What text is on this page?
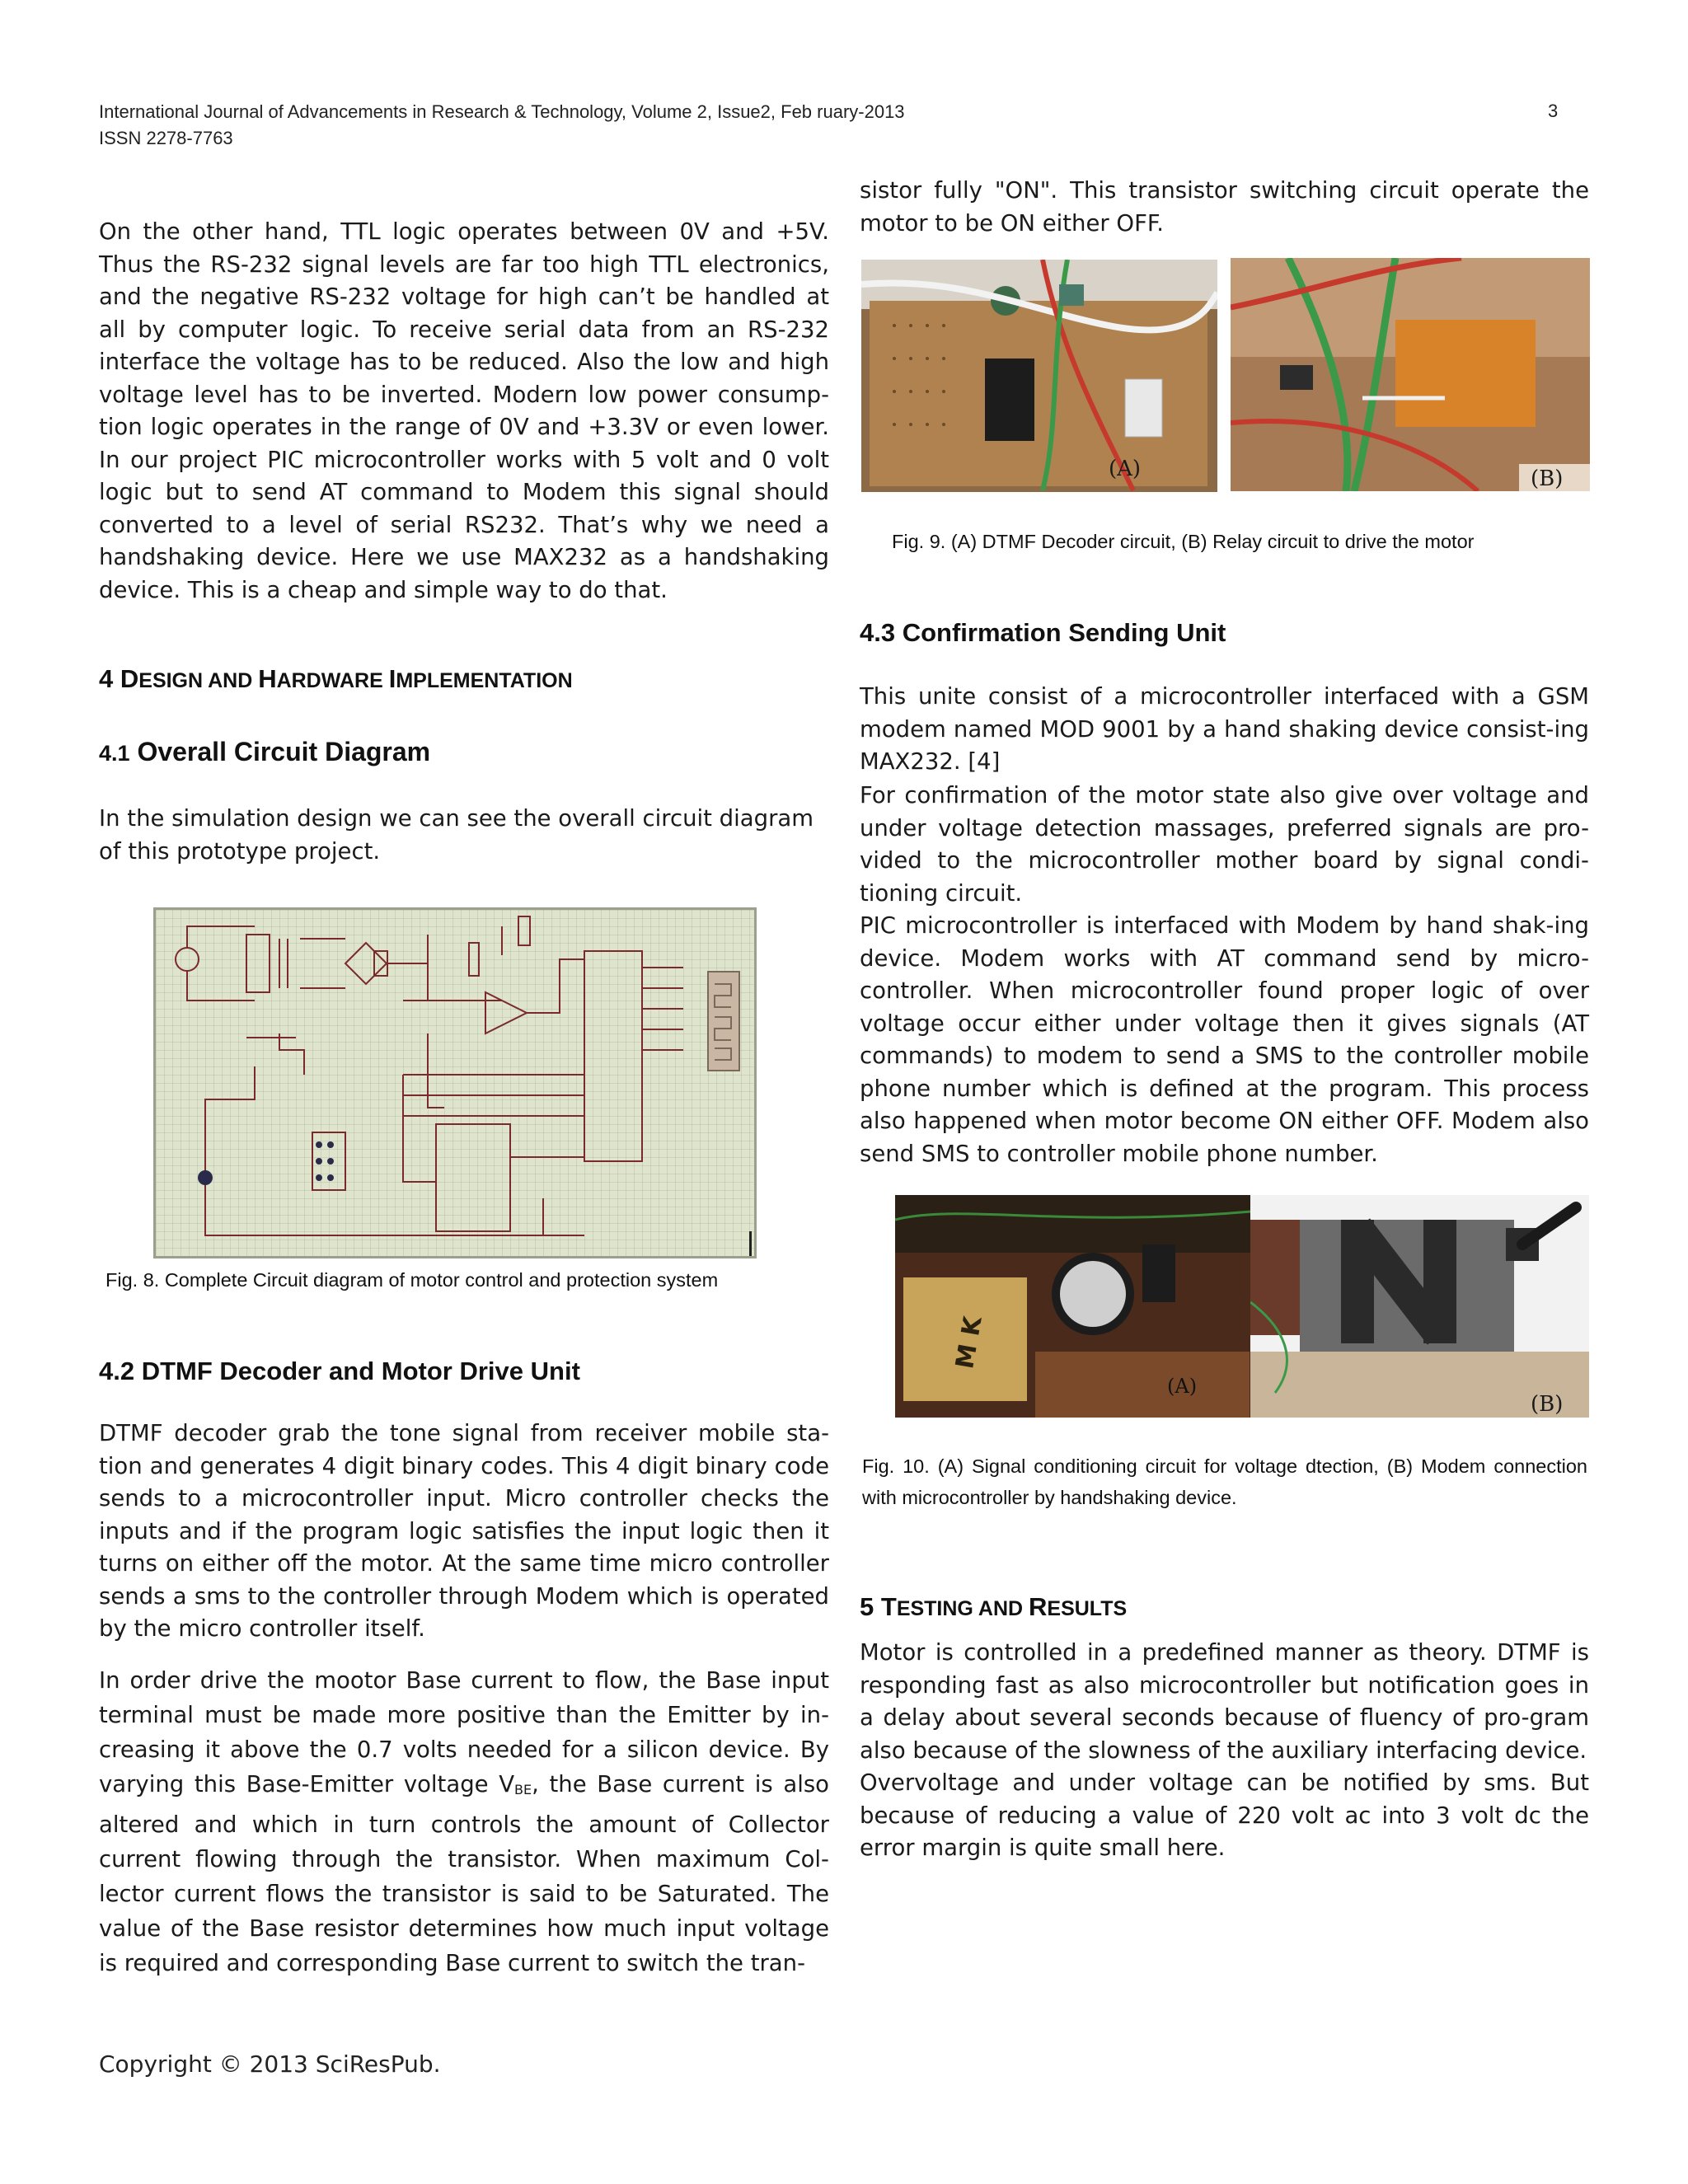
International Journal of Advancements in Research & Technology, Volume 2, Issue2, Feb ruary-2013
ISSN 2278-7763
3

On the other hand, TTL logic operates between 0V and +5V. Thus the RS-232 signal levels are far too high TTL electronics, and the negative RS-232 voltage for high can’t be handled at all by computer logic. To receive serial data from an RS-232 interface the voltage has to be reduced. Also the low and high voltage level has to be inverted. Modern low power consump-tion logic operates in the range of 0V and +3.3V or even lower. In our project PIC microcontroller works with 5 volt and 0 volt logic but to send AT command to Modem this signal should converted to a level of serial RS232. That’s why we need a handshaking device. Here we use MAX232 as a handshaking device. This is a cheap and simple way to do that.

4 DESIGN AND HARDWARE IMPLEMENTATION
4.1 Overall Circuit Diagram

In the simulation design we can see the overall circuit diagram of this prototype project.

Fig. 8. Complete Circuit diagram of motor control and protection system

4.2 DTMF Decoder and Motor Drive Unit

DTMF decoder grab the tone signal from receiver mobile sta-tion and generates 4 digit binary codes. This 4 digit binary code sends to a microcontroller input. Micro controller checks the inputs and if the program logic satisfies the input logic then it turns on either off the motor. At the same time micro controller sends a sms to the controller through Modem which is operated by the micro controller itself.

In order drive the mootor Base current to flow, the Base input terminal must be made more positive than the Emitter by in-creasing it above the 0.7 volts needed for a silicon device. By varying this Base-Emitter voltage $V_{BE}$, the Base current is also altered and which in turn controls the amount of Collector current flowing through the transistor. When maximum Col-lector current flows the transistor is said to be Saturated. The value of the Base resistor determines how much input voltage is required and corresponding Base current to switch the tran-

sistor fully "ON". This transistor switching circuit operate the motor to be ON either OFF.

(A)	(B)

Fig. 9. (A) DTMF Decoder circuit, (B) Relay circuit to drive the motor

4.3 Confirmation Sending Unit

This unite consist of a microcontroller interfaced with a GSM modem named MOD 9001 by a hand shaking device consist-ing MAX232. [4]

For confirmation of the motor state also give over voltage and under voltage detection massages, preferred signals are pro-vided to the microcontroller mother board by signal condi-tioning circuit.

PIC microcontroller is interfaced with Modem by hand shak-ing device. Modem works with AT command send by micro-controller. When microcontroller found proper logic of over voltage occur either under voltage then it gives signals (AT commands) to modem to send a SMS to the controller mobile phone number which is defined at the program. This process also happened when motor become ON either OFF. Modem also send SMS to controller mobile phone number.

M K
(A)
(B)

Fig. 10. (A) Signal conditioning circuit for voltage dtection, (B) Modem connection with microcontroller by handshaking device.

5 TESTING AND RESULTS

Motor is controlled in a predefined manner as theory. DTMF is responding fast as also microcontroller but notification goes in a delay about several seconds because of fluency of pro-gram also because of the slowness of the auxiliary interfacing device.

Overvoltage and under voltage can be notified by sms. But because of reducing a value of 220 volt ac into 3 volt dc the error margin is quite small here.

Copyright © 2013 SciResPub.
